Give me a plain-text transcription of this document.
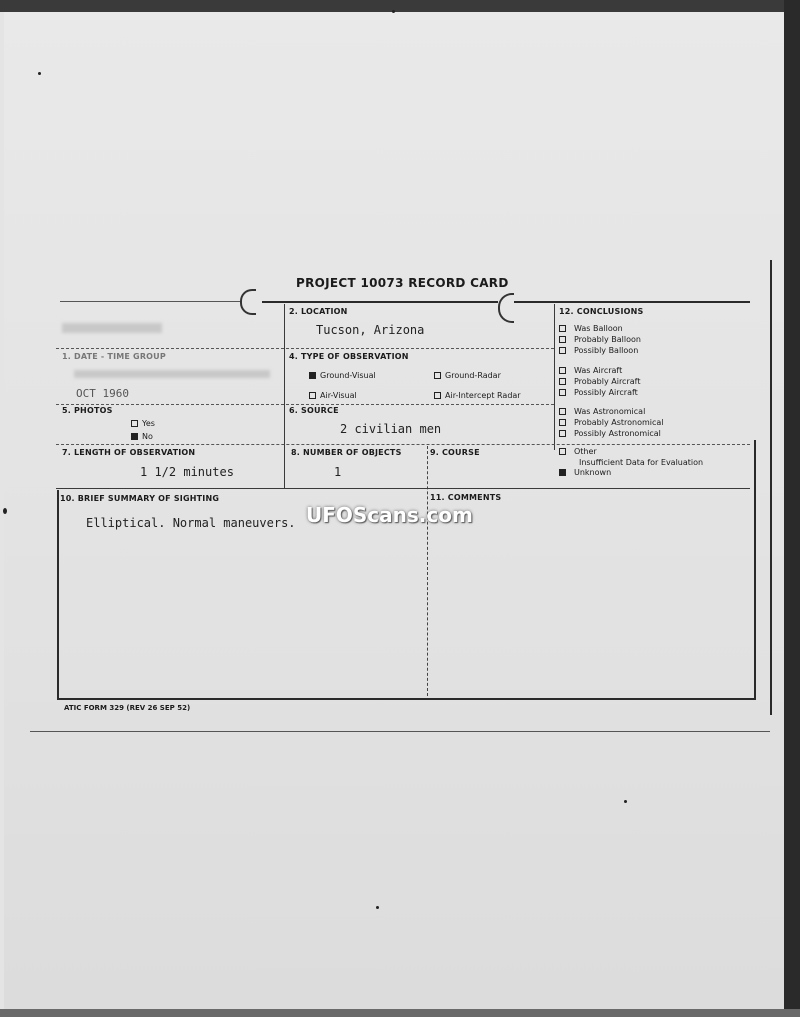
PROJECT 10073 RECORD CARD
1. DATE - TIME GROUP
OCT 1960
2. LOCATION
Tucson, Arizona
4. TYPE OF OBSERVATION
Ground-Visual	Ground-Radar
Air-Visual	Air-Intercept Radar
5. PHOTOS
Yes
No
6. SOURCE
2 civilian men
7. LENGTH OF OBSERVATION
1 1/2 minutes
8. NUMBER OF OBJECTS
1
9. COURSE
10. BRIEF SUMMARY OF SIGHTING
Elliptical. Normal maneuvers.
11. COMMENTS
12. CONCLUSIONS
Was Balloon
Probably Balloon
Possibly Balloon
Was Aircraft
Probably Aircraft
Possibly Aircraft
Was Astronomical
Probably Astronomical
Possibly Astronomical
Other
Insufficient Data for Evaluation
Unknown
ATIC FORM 329 (REV 26 SEP 52)
UFOScans.com
